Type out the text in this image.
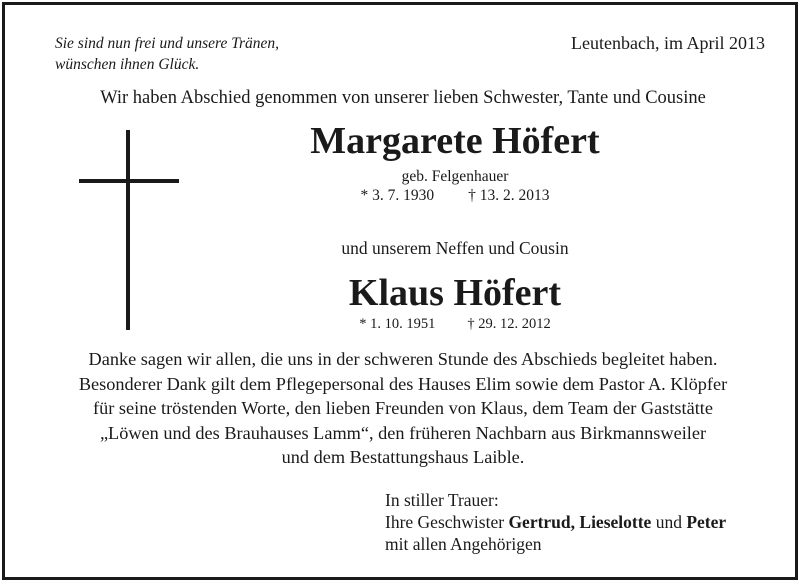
Sie sind nun frei und unsere Tränen,
wünschen ihnen Glück.
Leutenbach, im April 2013
Wir haben Abschied genommen von unserer lieben Schwester, Tante und Cousine
Margarete Höfert
geb. Felgenhauer
* 3. 7. 1930 † 13. 2. 2013
und unserem Neffen und Cousin
Klaus Höfert
* 1. 10. 1951 † 29. 12. 2012
Danke sagen wir allen, die uns in der schweren Stunde des Abschieds begleitet haben.
Besonderer Dank gilt dem Pflegepersonal des Hauses Elim sowie dem Pastor A. Klöpfer
für seine tröstenden Worte, den lieben Freunden von Klaus, dem Team der Gaststätte
„Löwen und des Brauhauses Lamm“, den früheren Nachbarn aus Birkmannsweiler
und dem Bestattungshaus Laible.
In stiller Trauer:
Ihre Geschwister Gertrud, Lieselotte und Peter
mit allen Angehörigen
